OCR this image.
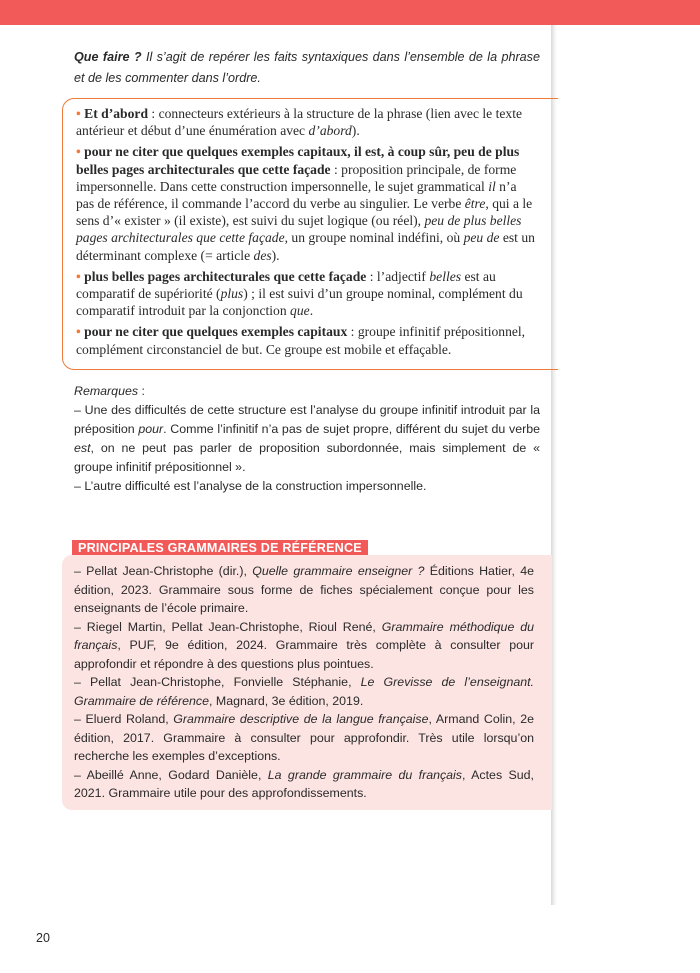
Que faire ? Il s’agit de repérer les faits syntaxiques dans l’ensemble de la phrase et de les commenter dans l’ordre.

• Et d’abord : connecteurs extérieurs à la structure de la phrase (lien avec le texte antérieur et début d’une énumération avec d’abord).

• pour ne citer que quelques exemples capitaux, il est, à coup sûr, peu de plus belles pages architecturales que cette façade : proposition principale, de forme impersonnelle. Dans cette construction impersonnelle, le sujet grammatical il n’a pas de référence, il commande l’accord du verbe au singulier. Le verbe être, qui a le sens d’« exister » (il existe), est suivi du sujet logique (ou réel), peu de plus belles pages architecturales que cette façade, un groupe nominal indéfini, où peu de est un déterminant complexe (= article des).

• plus belles pages architecturales que cette façade : l’adjectif belles est au comparatif de supériorité (plus) ; il est suivi d’un groupe nominal, complément du comparatif introduit par la conjonction que.

• pour ne citer que quelques exemples capitaux : groupe infinitif prépositionnel, complément circonstanciel de but. Ce groupe est mobile et effaçable.

Remarques :

– Une des difficultés de cette structure est l’analyse du groupe infinitif introduit par la préposition pour. Comme l’infinitif n’a pas de sujet propre, différent du sujet du verbe est, on ne peut pas parler de proposition subordonnée, mais simplement de « groupe infinitif prépositionnel ».

– L’autre difficulté est l’analyse de la construction impersonnelle.

PRINCIPALES GRAMMAIRES DE RÉFÉRENCE

– Pellat Jean-Christophe (dir.), Quelle grammaire enseigner ? Éditions Hatier, 4e édition, 2023. Grammaire sous forme de fiches spécialement conçue pour les enseignants de l’école primaire.

– Riegel Martin, Pellat Jean-Christophe, Rioul René, Grammaire méthodique du français, PUF, 9e édition, 2024. Grammaire très complète à consulter pour approfondir et répondre à des questions plus pointues.

– Pellat Jean-Christophe, Fonvielle Stéphanie, Le Grevisse de l’enseignant. Grammaire de référence, Magnard, 3e édition, 2019.

– Eluerd Roland, Grammaire descriptive de la langue française, Armand Colin, 2e édition, 2017. Grammaire à consulter pour approfondir. Très utile lorsqu’on recherche les exemples d’exceptions.

– Abeillé Anne, Godard Danièle, La grande grammaire du français, Actes Sud, 2021. Grammaire utile pour des approfondissements.

20
